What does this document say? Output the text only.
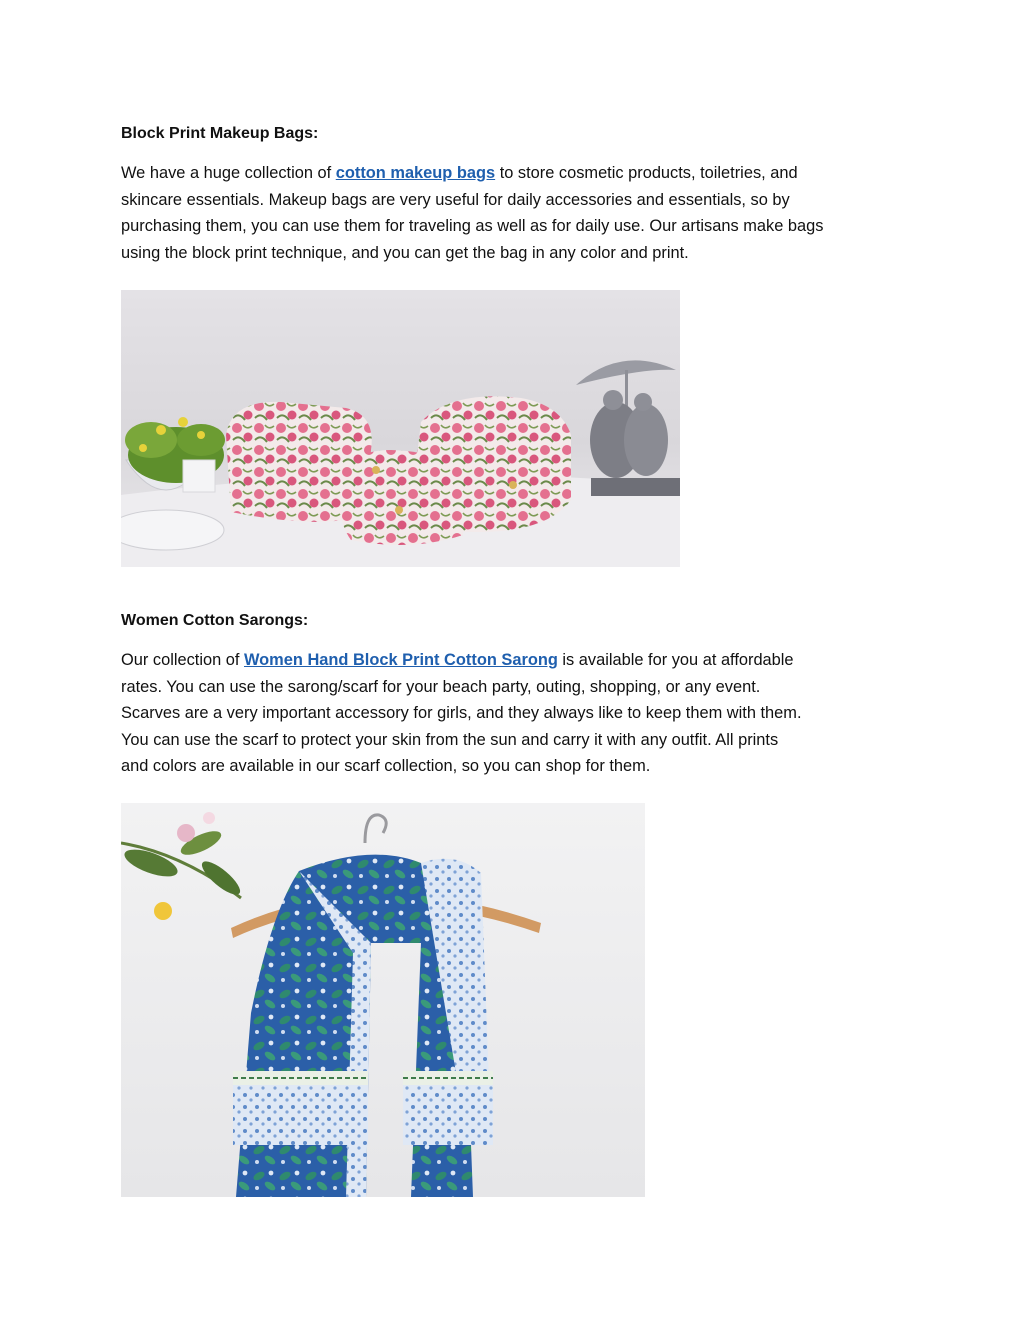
Block Print Makeup Bags:
We have a huge collection of cotton makeup bags to store cosmetic products, toiletries, and
skincare essentials. Makeup bags are very useful for daily accessories and essentials, so by
purchasing them, you can use them for traveling as well as for daily use. Our artisans make bags
using the block print technique, and you can get the bag in any color and print.
Women Cotton Sarongs:
Our collection of Women Hand Block Print Cotton Sarong is available for you at affordable
rates. You can use the sarong/scarf for your beach party, outing, shopping, or any event.
Scarves are a very important accessory for girls, and they always like to keep them with them.
You can use the scarf to protect your skin from the sun and carry it with any outfit. All prints
and colors are available in our scarf collection, so you can shop for them.
